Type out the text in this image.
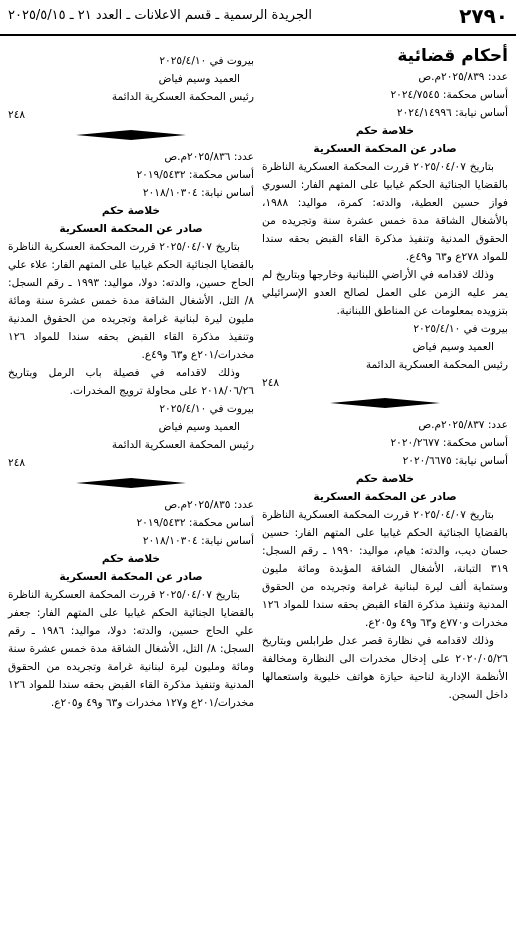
٢٧٩٠
الجريدة الرسمية ـ قسم الاعلانات ـ العدد ٢١ ـ ٢٠٢٥/٥/١٥

أحكام قضائية

عدد: ٢٠٢٥/٨٣٩م.ص

أساس محكمة: ٢٠٢٤/٧٥٤٥

أساس نيابة: ٢٠٢٤/١٤٩٩٦

خلاصة حكم

صادر عن المحكمة العسكرية

بتاريخ ٢٠٢٥/٠٤/٠٧ قررت المحكمة العسكرية الناظرة بالقضايا الجنائية الحكم غيابيا على المتهم الفار: السوري فواز حسين العطية، والدته: كمرة، مواليد: ١٩٨٨، بالأشغال الشاقة مدة خمس عشرة سنة وتجريده من الحقوق المدنية وتنفيذ مذكرة القاء القبض بحقه سندا للمواد ٢٧٨ع و٦٣ و٤٩ع.

وذلك لاقدامه في الأراضي اللبنانية وخارجها وبتاريخ لم يمر عليه الزمن على العمل لصالح العدو الإسرائيلي بتزويده بمعلومات عن المناطق اللبنانية.

بيروت في ٢٠٢٥/٤/١٠

العميد وسيم فياض

رئيس المحكمة العسكرية الدائمة

٢٤٨

عدد: ٢٠٢٥/٨٣٧م.ص

أساس محكمة: ٢٠٢٠/٢٦٧٧

أساس نيابة: ٢٠٢٠/٦٦٧٥

خلاصة حكم

صادر عن المحكمة العسكرية

بتاريخ ٢٠٢٥/٠٤/٠٧ قررت المحكمة العسكرية الناظرة بالقضايا الجنائية الحكم غيابيا على المتهم الفار: حسين حسان ديب، والدته: هيام، مواليد: ١٩٩٠ ـ رقم السجل: ٣١٩ التبانة، الأشغال الشاقة المؤبدة ومائة مليون وستماية ألف ليرة لبنانية غرامة وتجريده من الحقوق المدنية وتنفيذ مذكرة القاء القبض بحقه سندا للمواد ١٢٦ مخدرات و٧٧٠ع و٦٣ و٤٩ و٢٠٥ع.

وذلك لاقدامه في نظارة قصر عدل طرابلس وبتاريخ ٢٠٢٠/٠٥/٢٦ على إدخال مخدرات الى النظارة ومخالفة الأنظمة الإدارية لناحية حيازة هواتف خليوية واستعمالها داخل السجن.

بيروت في ٢٠٢٥/٤/١٠

العميد وسيم فياض

رئيس المحكمة العسكرية الدائمة

٢٤٨

عدد: ٢٠٢٥/٨٣٦م.ص

أساس محكمة: ٢٠١٩/٥٤٣٢

أساس نيابة: ٢٠١٨/١٠٣٠٤

خلاصة حكم

صادر عن المحكمة العسكرية

بتاريخ ٢٠٢٥/٠٤/٠٧ قررت المحكمة العسكرية الناظرة بالقضايا الجنائية الحكم غيابيا على المتهم الفار: علاء علي الحاج حسين، والدته: دولا، مواليد: ١٩٩٣ ـ رقم السجل: ٨/ التل، الأشغال الشاقة مدة خمس عشرة سنة ومائة مليون ليرة لبنانية غرامة وتجريده من الحقوق المدنية وتنفيذ مذكرة القاء القبض بحقه سندا للمواد ١٢٦ مخدرات/٢٠١ع و٦٣ و٤٩ع.

وذلك لاقدامه في فصيلة باب الرمل وبتاريخ ٢٠١٨/٠٦/٢٦ على محاولة ترويج المخدرات.

بيروت في ٢٠٢٥/٤/١٠

العميد وسيم فياض

رئيس المحكمة العسكرية الدائمة

٢٤٨

عدد: ٢٠٢٥/٨٣٥م.ص

أساس محكمة: ٢٠١٩/٥٤٣٢

أساس نيابة: ٢٠١٨/١٠٣٠٤

خلاصة حكم

صادر عن المحكمة العسكرية

بتاريخ ٢٠٢٥/٠٤/٠٧ قررت المحكمة العسكرية الناظرة بالقضايا الجنائية الحكم غيابيا على المتهم الفار: جعفر علي الحاج حسين، والدته: دولا، مواليد: ١٩٨٦ ـ رقم السجل: ٨/ التل، الأشغال الشاقة مدة خمس عشرة سنة ومائة ومليون ليرة لبنانية غرامة وتجريده من الحقوق المدنية وتنفيذ مذكرة القاء القبض بحقه سندا للمواد ١٢٦ مخدرات/٢٠١ع و١٢٧ مخدرات و٦٣ و٤٩ و٢٠٥ع.
